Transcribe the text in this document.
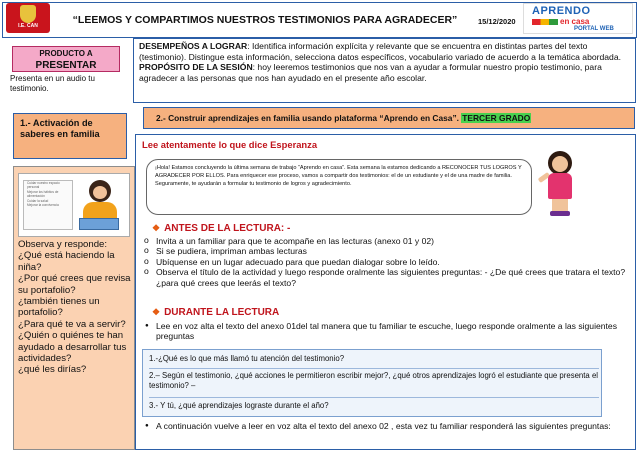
I.E. CAN	“LEEMOS Y COMPARTIMOS NUESTROS TESTIMONIOS PARA AGRADECER”	15/12/2020
APRENDO
en casa
PORTAL WEB
PRODUCTO A
PRESENTAR
Presenta en un audio tu testimonio.
DESEMPEÑOS A LOGRAR: Identifica información explícita y relevante que se encuentra en distintas partes del texto (testimonio). Distingue esta información, selecciona datos específicos, vocabulario variado de acuerdo a la temática abordada.
PROPÓSITO DE LA SESIÓN: hoy leeremos testimonios que nos van a ayudar a formular nuestro propio testimonio, para agradecer a las personas que nos han ayudado en el presente año escolar.
1.- Activación de saberes en familia
2.- Construir aprendizajes en familia usando plataforma “Aprendo en Casa”. TERCER GRADO
Cuidar nuestro espacio personal
Mejorar los hábitos de alimentación
Cuidar la salud
Mejorar la convivencia
Observa y responde:
¿Qué está haciendo la niña?
¿Por qué crees que revisa su portafolio?
¿también tienes un portafolio?
¿Para qué te va a servir?
¿Quién o quiénes te han ayudado a desarrollar tus actividades?
¿qué les dirías?
Lee atentamente lo que dice Esperanza
¡Hola! Estamos concluyendo la última semana de trabajo “Aprendo en casa”. Esta semana la estamos dedicando a RECONOCER TUS LOGROS Y AGRADECER POR ELLOS. Para enriquecer ese proceso, vamos a compartir dos testimonios: el de un estudiante y el de una madre de familia. Seguramente, te ayudarán a formular tu testimonio de logros y agradecimiento.
❖ ANTES DE LA LECTURA: -
o Invita a un familiar para que te acompañe en las lecturas (anexo 01 y 02)
o Si se pudiera, impriman ambas lecturas
o Ubíquense en un lugar adecuado para que puedan dialogar sobre lo leído.
o Observa el título de la actividad y luego responde oralmente las siguientes preguntas: - ¿De qué crees que tratara el texto? ¿para qué crees que leerás el texto?
❖ DURANTE LA LECTURA
● Lee en voz alta el texto del anexo 01del tal manera que tu familiar te escuche, luego responde oralmente a las siguientes preguntas
1.-¿Qué es lo que más llamó tu atención del testimonio?
2.– Según el testimonio, ¿qué acciones le permitieron escribir mejor?, ¿qué otros aprendizajes logró el estudiante que presenta el testimonio? –
3.- Y tú, ¿qué aprendizajes lograste durante el año?
● A continuación vuelve a leer en voz alta el texto del anexo 02 , esta vez tu familiar responderá las siguientes preguntas:
